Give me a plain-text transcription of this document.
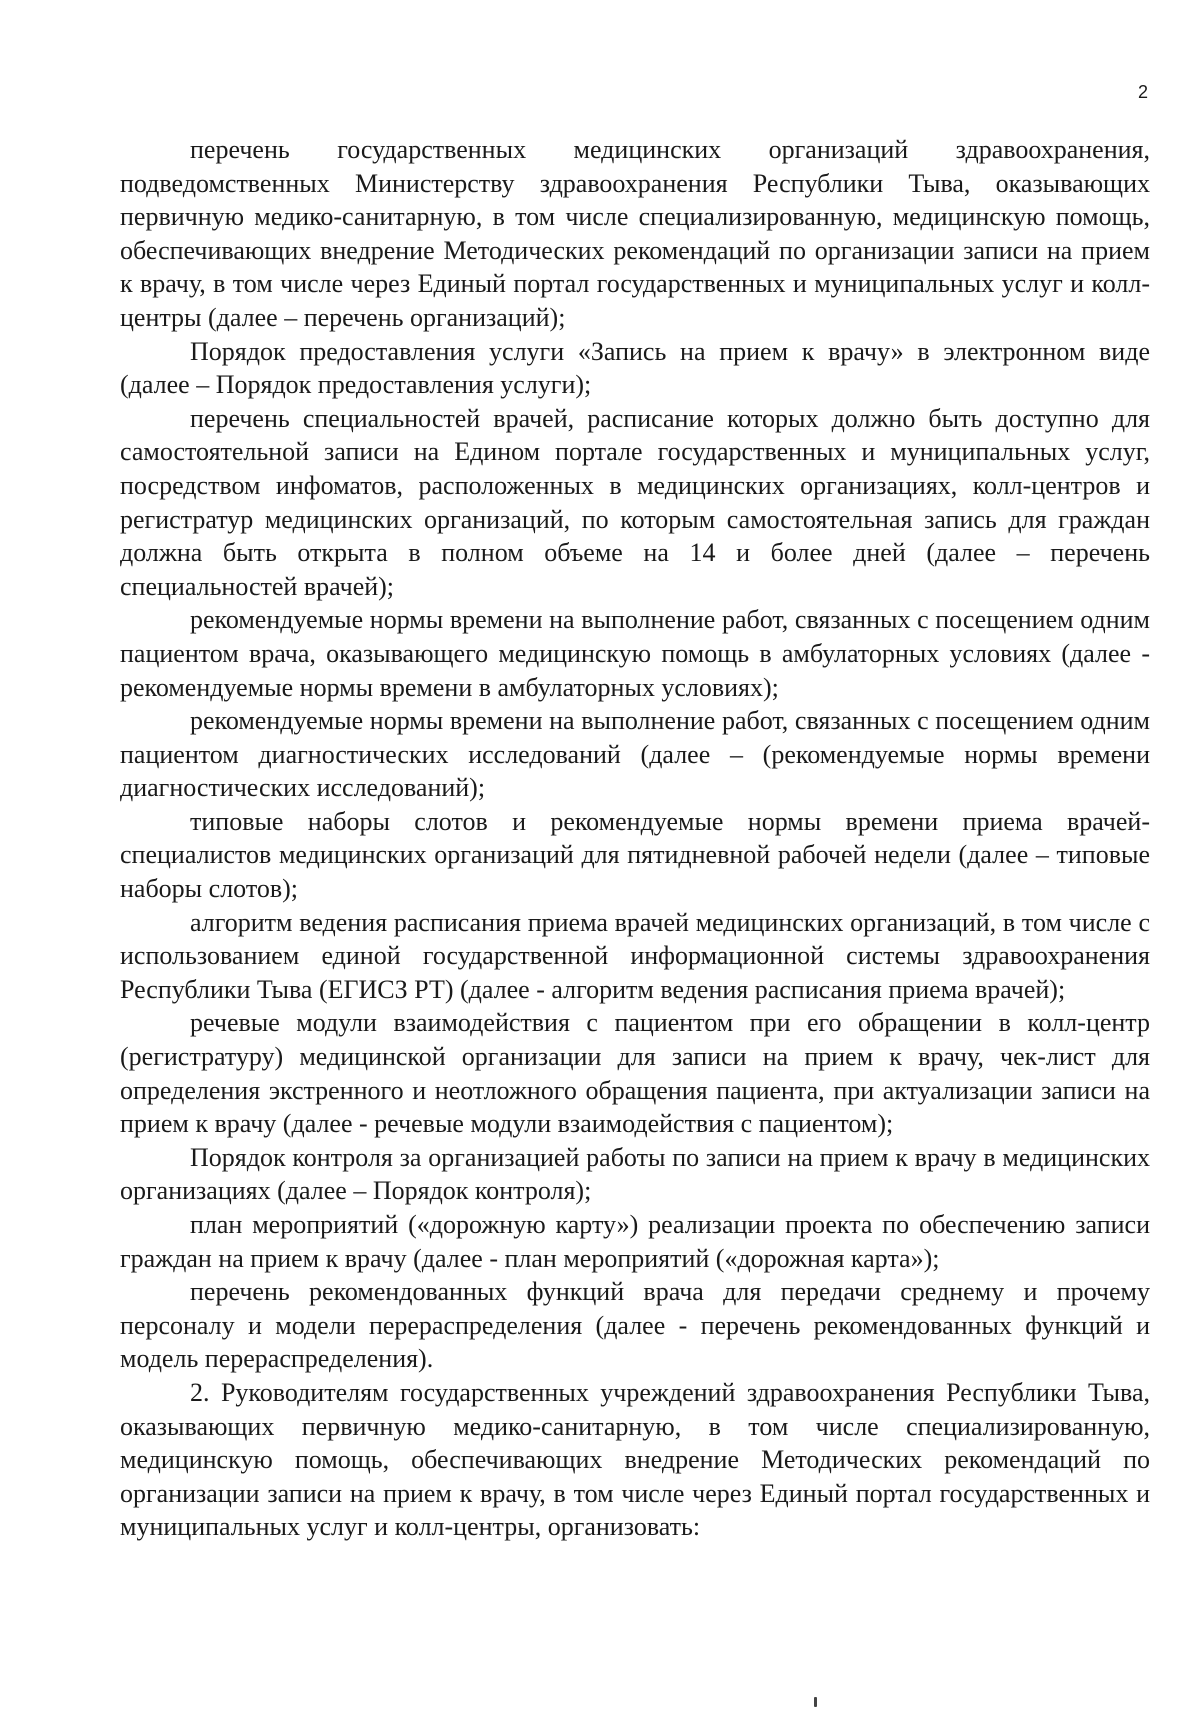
2

перечень государственных медицинских организаций здравоохранения, подведомственных Министерству здравоохранения Республики Тыва, оказывающих первичную медико-санитарную, в том числе специализированную, медицинскую помощь, обеспечивающих внедрение Методических рекомендаций по организации записи на прием к врачу, в том числе через Единый портал государственных и муниципальных услуг и колл-центры (далее – перечень организаций);

Порядок предоставления услуги «Запись на прием к врачу» в электронном виде (далее – Порядок предоставления услуги);

перечень специальностей врачей, расписание которых должно быть доступно для самостоятельной записи на Едином портале государственных и муниципальных услуг, посредством инфоматов, расположенных в медицинских организациях, колл-центров и регистратур медицинских организаций, по которым самостоятельная запись для граждан должна быть открыта в полном объеме на 14 и более дней (далее – перечень специальностей врачей);

рекомендуемые нормы времени на выполнение работ, связанных с посещением одним пациентом врача, оказывающего медицинскую помощь в амбулаторных условиях (далее - рекомендуемые нормы времени в амбулаторных условиях);

рекомендуемые нормы времени на выполнение работ, связанных с посещением одним пациентом диагностических исследований (далее – (рекомендуемые нормы времени диагностических исследований);

типовые наборы слотов и рекомендуемые нормы времени приема врачей-специалистов медицинских организаций для пятидневной рабочей недели (далее – типовые наборы слотов);

алгоритм ведения расписания приема врачей медицинских организаций, в том числе с использованием единой государственной информационной системы здравоохранения Республики Тыва (ЕГИСЗ РТ) (далее - алгоритм ведения расписания приема врачей);

речевые модули взаимодействия с пациентом при его обращении в колл-центр (регистратуру) медицинской организации для записи на прием к врачу, чек-лист для определения экстренного и неотложного обращения пациента, при актуализации записи на прием к врачу (далее - речевые модули взаимодействия с пациентом);

Порядок контроля за организацией работы по записи на прием к врачу в медицинских организациях (далее – Порядок контроля);

план мероприятий («дорожную карту») реализации проекта по обеспечению записи граждан на прием к врачу (далее - план мероприятий («дорожная карта»);

перечень рекомендованных функций врача для передачи среднему и прочему персоналу и модели перераспределения (далее - перечень рекомендованных функций и модель перераспределения).

2. Руководителям государственных учреждений здравоохранения Республики Тыва, оказывающих первичную медико-санитарную, в том числе специализированную, медицинскую помощь, обеспечивающих внедрение Методических рекомендаций по организации записи на прием к врачу, в том числе через Единый портал государственных и муниципальных услуг и колл-центры, организовать:
